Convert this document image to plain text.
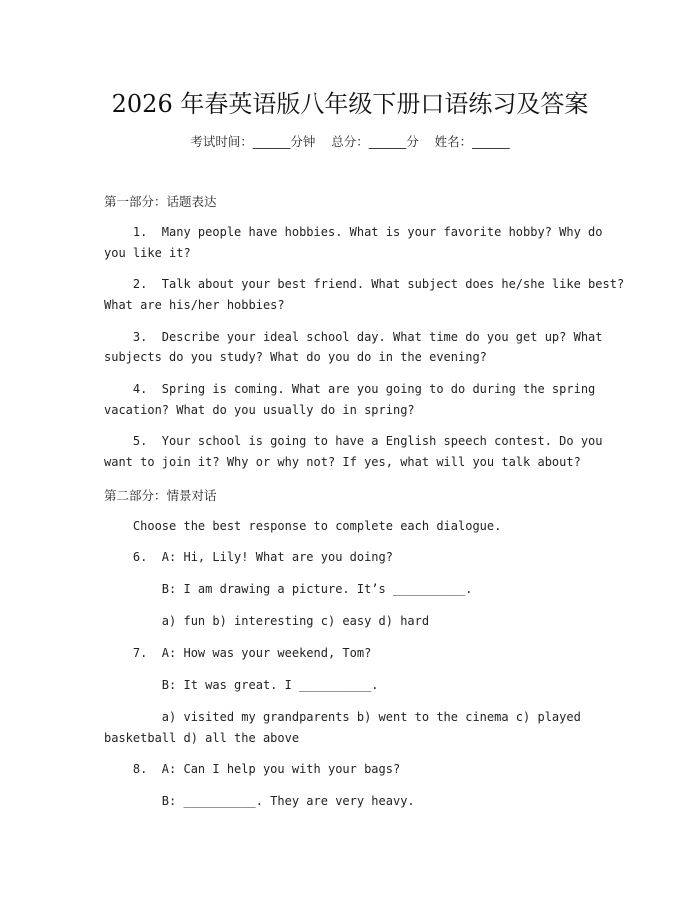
2026 年春英语版八年级下册口语练习及答案
考试时间：______分钟    总分：______分    姓名：______
第一部分：话题表达
1.  Many people have hobbies. What is your favorite hobby? Why do
you like it?
2.  Talk about your best friend. What subject does he/she like best?
What are his/her hobbies?
3.  Describe your ideal school day. What time do you get up? What
subjects do you study? What do you do in the evening?
4.  Spring is coming. What are you going to do during the spring
vacation? What do you usually do in spring?
5.  Your school is going to have a English speech contest. Do you
want to join it? Why or why not? If yes, what will you talk about?
第二部分：情景对话
Choose the best response to complete each dialogue.
6.  A: Hi, Lily! What are you doing?
B: I am drawing a picture. It’s __________.
a) fun b) interesting c) easy d) hard
7.  A: How was your weekend, Tom?
B: It was great. I __________.
a) visited my grandparents b) went to the cinema c) played
basketball d) all the above
8.  A: Can I help you with your bags?
B: __________. They are very heavy.
